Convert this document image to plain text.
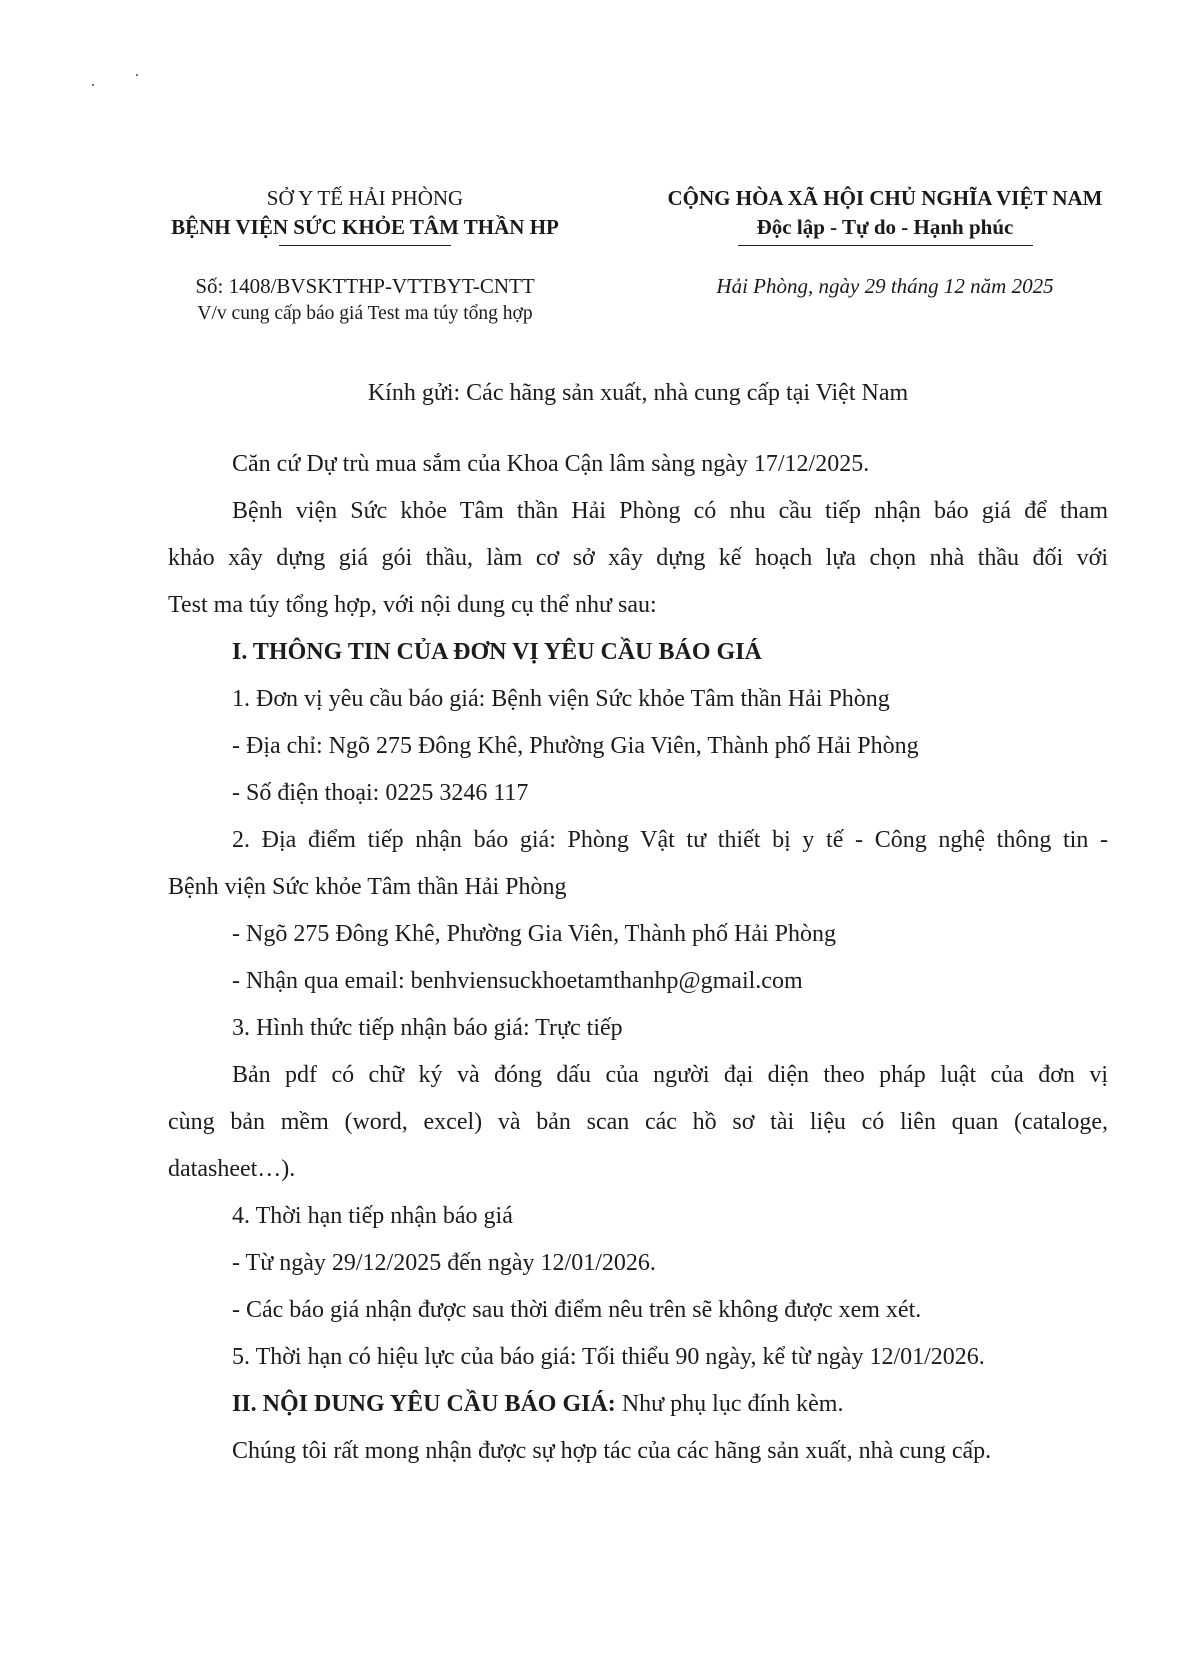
SỞ Y TẾ HẢI PHÒNG
BỆNH VIỆN SỨC KHỎE TÂM THẦN HP
CỘNG HÒA XÃ HỘI CHỦ NGHĨA VIỆT NAM
Độc lập - Tự do - Hạnh phúc
Số: 1408/BVSKTTHP-VTTBYT-CNTT
V/v cung cấp báo giá Test ma túy tổng hợp
Hải Phòng, ngày 29 tháng 12 năm 2025
Kính gửi: Các hãng sản xuất, nhà cung cấp tại Việt Nam
Căn cứ Dự trù mua sắm của Khoa Cận lâm sàng ngày 17/12/2025.
Bệnh viện Sức khỏe Tâm thần Hải Phòng có nhu cầu tiếp nhận báo giá để tham
khảo xây dựng giá gói thầu, làm cơ sở xây dựng kế hoạch lựa chọn nhà thầu đối với
Test ma túy tổng hợp, với nội dung cụ thể như sau:
I. THÔNG TIN CỦA ĐƠN VỊ YÊU CẦU BÁO GIÁ
1. Đơn vị yêu cầu báo giá: Bệnh viện Sức khỏe Tâm thần Hải Phòng
- Địa chỉ: Ngõ 275 Đông Khê, Phường Gia Viên, Thành phố Hải Phòng
- Số điện thoại: 0225 3246 117
2. Địa điểm tiếp nhận báo giá: Phòng Vật tư thiết bị y tế - Công nghệ thông tin -
Bệnh viện Sức khỏe Tâm thần Hải Phòng
- Ngõ 275 Đông Khê, Phường Gia Viên, Thành phố Hải Phòng
- Nhận qua email: benhviensuckhoetamthanhp@gmail.com
3. Hình thức tiếp nhận báo giá: Trực tiếp
Bản pdf có chữ ký và đóng dấu của người đại diện theo pháp luật của đơn vị
cùng bản mềm (word, excel) và bản scan các hồ sơ tài liệu có liên quan (cataloge,
datasheet…).
4. Thời hạn tiếp nhận báo giá
- Từ ngày 29/12/2025 đến ngày 12/01/2026.
- Các báo giá nhận được sau thời điểm nêu trên sẽ không được xem xét.
5. Thời hạn có hiệu lực của báo giá: Tối thiểu 90 ngày, kể từ ngày 12/01/2026.
II. NỘI DUNG YÊU CẦU BÁO GIÁ: Như phụ lục đính kèm.
Chúng tôi rất mong nhận được sự hợp tác của các hãng sản xuất, nhà cung cấp.
